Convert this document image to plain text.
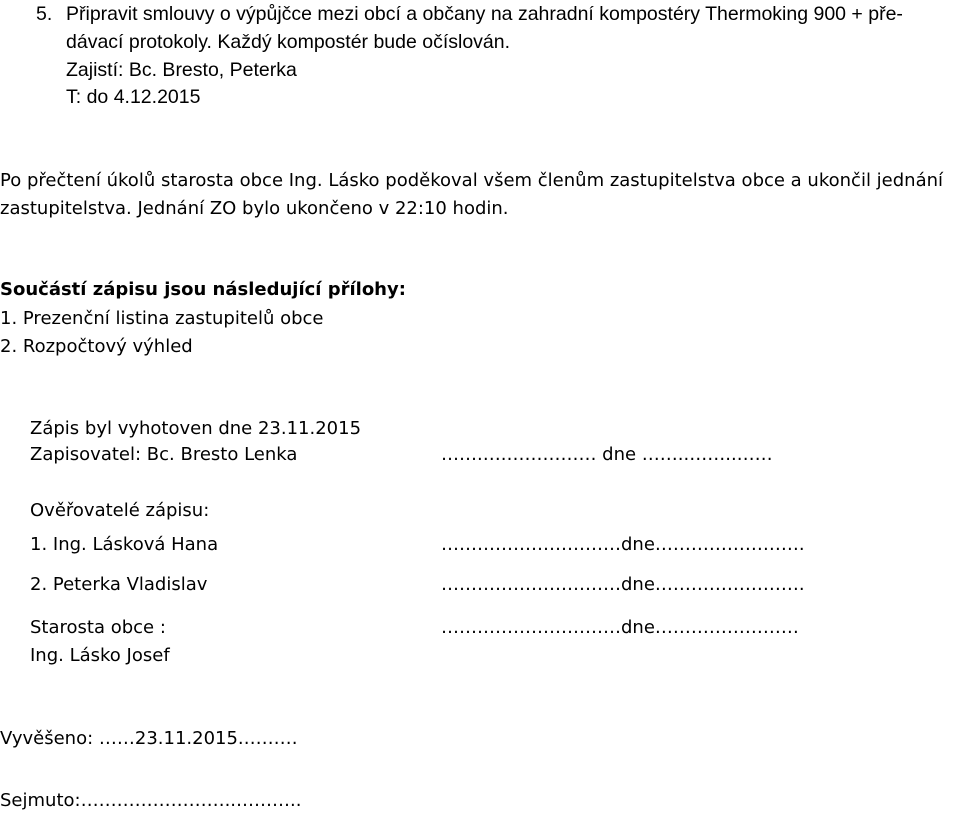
5. Připravit smlouvy o výpůjčce mezi obcí a občany na zahradní kompostéry Thermoking 900 + pře-
dávací protokoly. Každý kompostér bude očíslován.
Zajistí: Bc. Bresto, Peterka
T: do 4.12.2015
Po přečtení úkolů starosta obce Ing. Lásko poděkoval všem členům zastupitelstva obce a ukončil jednání
zastupitelstva. Jednání ZO bylo ukončeno v 22:10 hodin.
Součástí zápisu jsou následující přílohy:
1. Prezenční listina zastupitelů obce
2. Rozpočtový výhled
Zápis byl vyhotoven dne 23.11.2015
Zapisovatel: Bc. Bresto Lenka	…….….…………… dne ……..……..……
Ověřovatelé zápisu:
1. Ing. Lásková Hana	…………………………dne…………………….
2. Peterka Vladislav	…………………………dne…………………….
Starosta obce :	…………………………dne……………………
Ing. Lásko Josef
Vyvěšeno: ……23.11.2015.………
Sejmuto:……………………..………..
